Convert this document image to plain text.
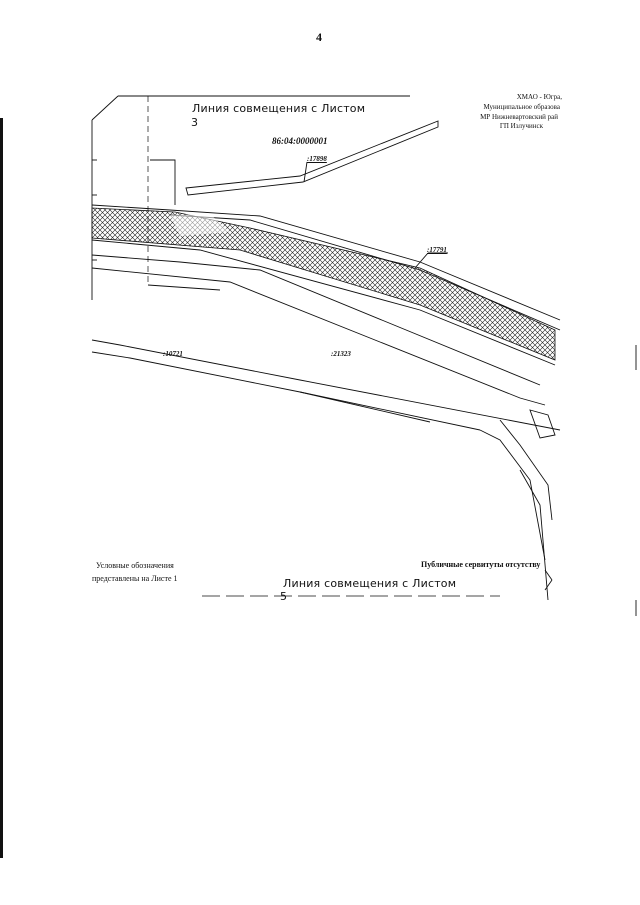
4
Линия совмещения с Листом
3
86:04:0000001
:17898
:17791
:10721	:21323
ХМАО - Югра,
Муниципальное образова
МР Нижневартовский рай
ГП Излучинск
Условные обозначения
представлены на Листе 1
Публичные сервитуты отсутству
Линия совмещения с Листом
5
